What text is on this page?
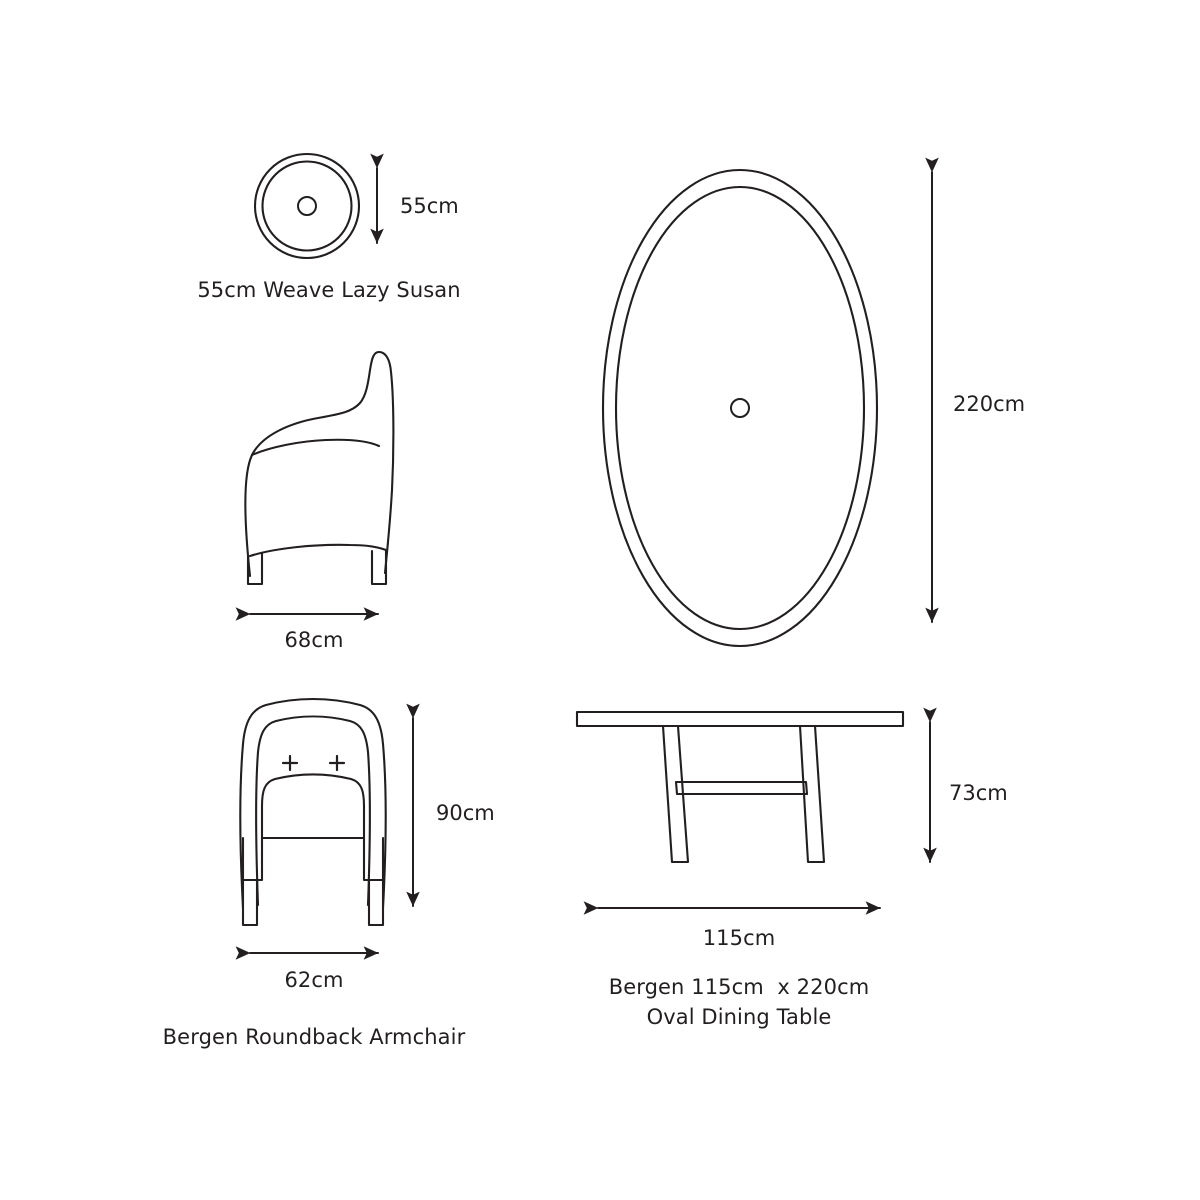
55cm
55cm Weave Lazy Susan
68cm
90cm
62cm
Bergen Roundback Armchair
220cm
73cm
115cm
Bergen 115cm  x 220cm
Oval Dining Table
